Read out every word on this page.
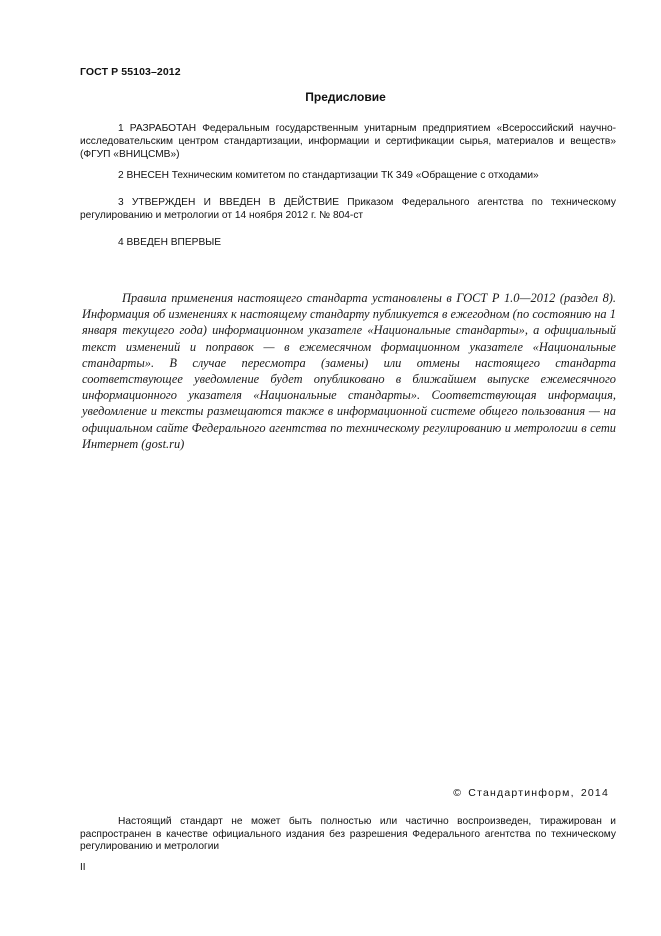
ГОСТ Р 55103–2012
Предисловие
1 РАЗРАБОТАН Федеральным государственным унитарным предприятием «Всероссийский научно-исследовательским центром стандартизации, информации и сертификации сырья, материалов и веществ» (ФГУП «ВНИЦСМВ»)
2 ВНЕСЕН Техническим комитетом по стандартизации ТК 349 «Обращение с отходами»
3 УТВЕРЖДЕН И ВВЕДЕН В ДЕЙСТВИЕ Приказом Федерального агентства по техническому регулированию и метрологии от 14 ноября 2012 г. № 804-ст
4 ВВЕДЕН ВПЕРВЫЕ
Правила применения настоящего стандарта установлены в ГОСТ Р 1.0—2012 (раздел 8). Информация об изменениях к настоящему стандарту публикуется в ежегодном (по состоянию на 1 января текущего года) информационном указателе «Национальные стандарты», а официальный текст изменений и поправок — в ежемесячном формационном указателе «Национальные стандарты». В случае пересмотра (замены) или отмены настоящего стандарта соответствующее уведомление будет опубликовано в ближайшем выпуске ежемесячного информационного указателя «Национальные стандарты». Соответствующая информация, уведомление и тексты размещаются также в информационной системе общего пользования — на официальном сайте Федерального агентства по техническому регулированию и метрологии в сети Интернет (gost.ru)
© Стандартинформ, 2014
Настоящий стандарт не может быть полностью или частично воспроизведен, тиражирован и распространен в качестве официального издания без разрешения Федерального агентства по техническому регулированию и метрологии
II
